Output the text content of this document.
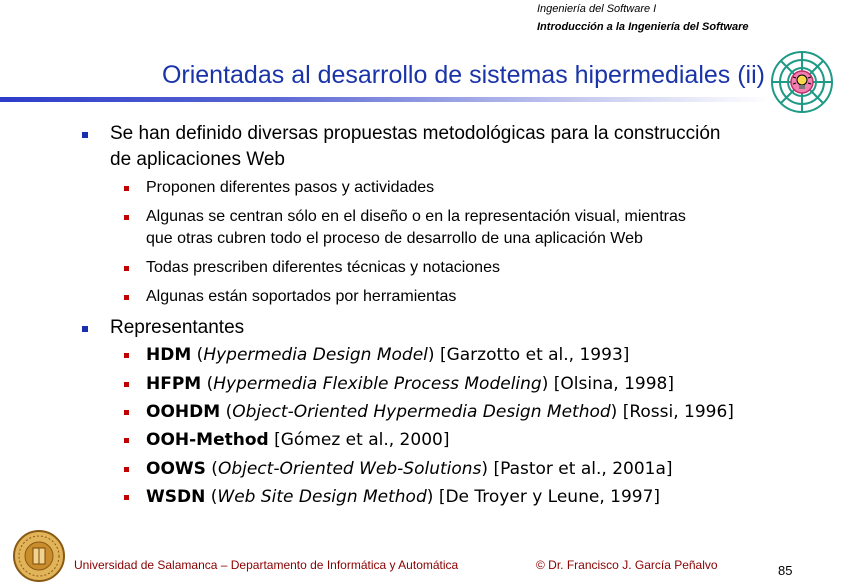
Ingeniería del Software I
Introducción a la Ingeniería del Software
Orientadas al desarrollo de sistemas hipermediales (ii)
Se han definido diversas propuestas metodológicas para la construcción
de aplicaciones Web
Proponen diferentes pasos y actividades
Algunas se centran sólo en el diseño o en la representación visual, mientras
que otras cubren todo el proceso de desarrollo de una aplicación Web
Todas prescriben diferentes técnicas y notaciones
Algunas están soportados por herramientas
Representantes
HDM (Hypermedia Design Model) [Garzotto et al., 1993]
HFPM (Hypermedia Flexible Process Modeling) [Olsina, 1998]
OOHDM (Object-Oriented Hypermedia Design Method) [Rossi, 1996]
OOH-Method [Gómez et al., 2000]
OOWS (Object-Oriented Web-Solutions) [Pastor et al., 2001a]
WSDN (Web Site Design Method) [De Troyer y Leune, 1997]
Universidad de Salamanca – Departamento de Informática y Automática	© Dr. Francisco J. García Peñalvo	85
